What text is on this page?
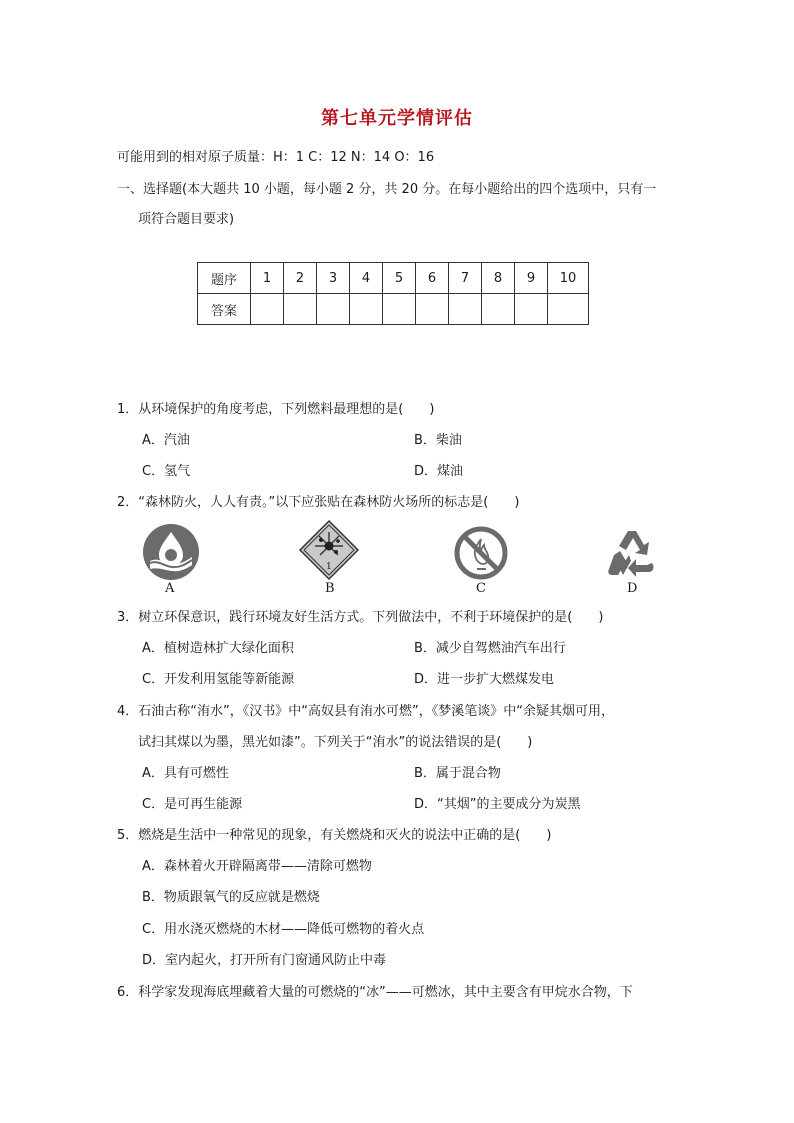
第七单元学情评估
可能用到的相对原子质量：H：1 C：12 N：14 O：16
一、选择题(本大题共 10 小题，每小题 2 分，共 20 分。在每小题给出的四个选项中，只有一
项符合题目要求)
题序	1	2	3	4	5	6	7	8	9	10
答案										
1．从环境保护的角度考虑，下列燃料最理想的是(　　)
A．汽油	B．柴油
C．氢气	D．煤油
2．“森林防火，人人有责。”以下应张贴在森林防火场所的标志是(　　)
A
1
B	C	D
3．树立环保意识，践行环境友好生活方式。下列做法中，不利于环境保护的是(　　)
A．植树造林扩大绿化面积	B．减少自驾燃油汽车出行
C．开发利用氢能等新能源	D．进一步扩大燃煤发电
4．石油古称“洧水”，《汉书》中“高奴县有洧水可燃”，《梦溪笔谈》中“余疑其烟可用，
试扫其煤以为墨，黑光如漆”。下列关于“洧水”的说法错误的是(　　)
A．具有可燃性	B．属于混合物
C．是可再生能源	D．“其烟”的主要成分为炭黑
5．燃烧是生活中一种常见的现象，有关燃烧和灭火的说法中正确的是(　　)
A．森林着火开辟隔离带——清除可燃物
B．物质跟氧气的反应就是燃烧
C．用水浇灭燃烧的木材——降低可燃物的着火点
D．室内起火，打开所有门窗通风防止中毒
6．科学家发现海底埋藏着大量的可燃烧的“冰”——可燃冰，其中主要含有甲烷水合物，下
